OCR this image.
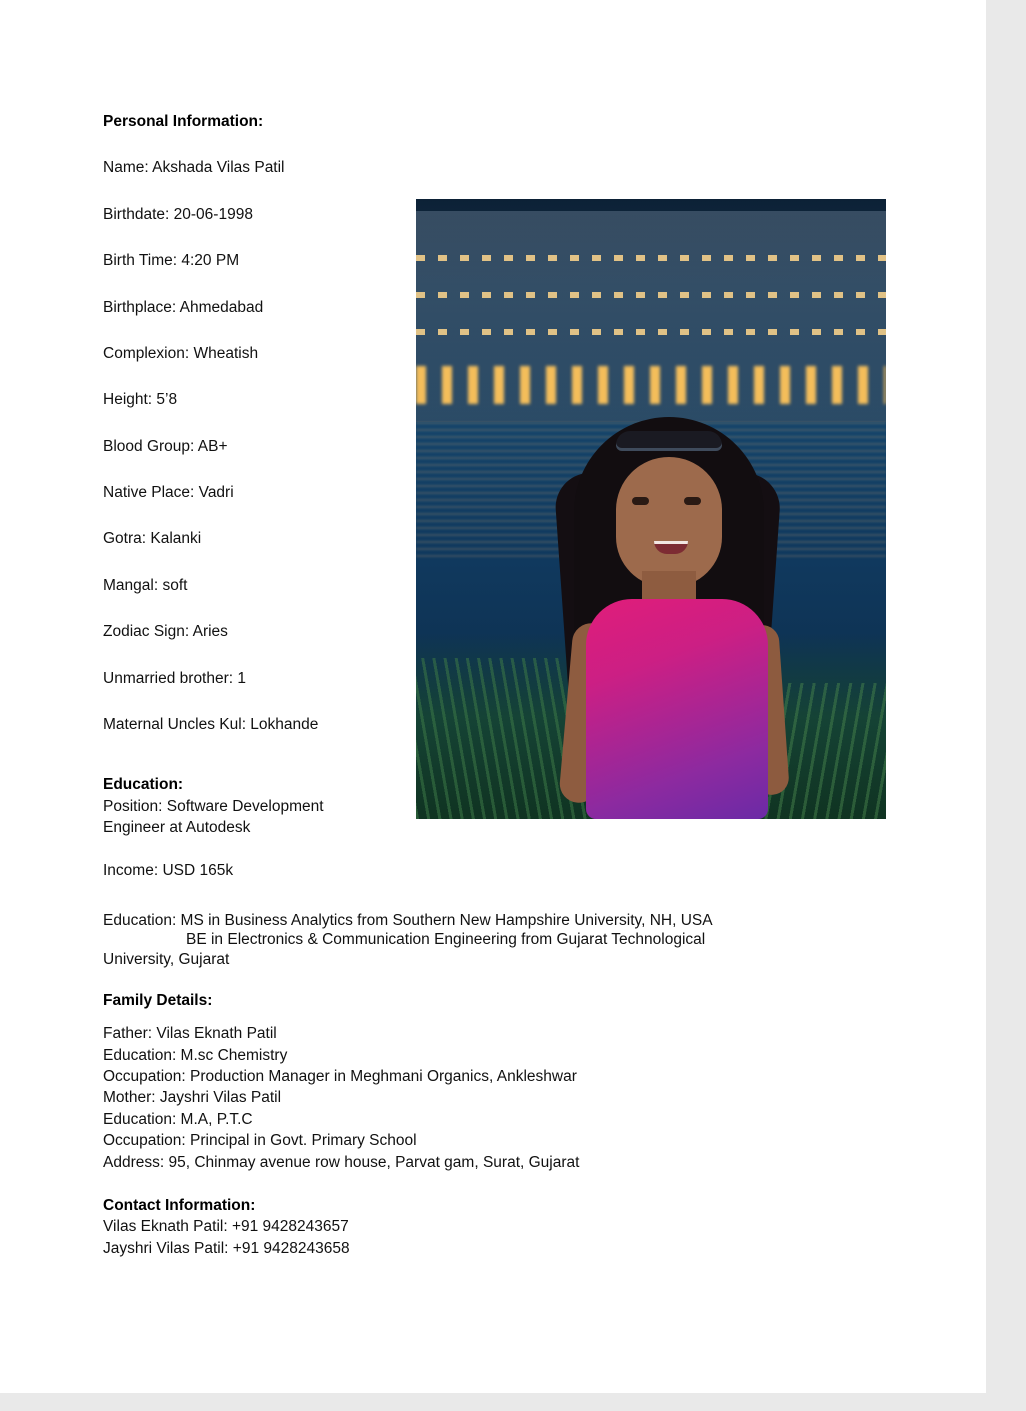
Personal Information:
Name: Akshada Vilas Patil
Birthdate: 20-06-1998
Birth Time: 4:20 PM
Birthplace: Ahmedabad
Complexion: Wheatish
Height: 5’8
Blood Group: AB+
Native Place: Vadri
Gotra: Kalanki
Mangal: soft
Zodiac Sign: Aries
Unmarried brother: 1
Maternal Uncles Kul: Lokhande
Education:
Position: Software Development
Engineer at Autodesk
Income: USD 165k
Education: MS in Business Analytics from Southern New Hampshire University, NH, USA
BE in Electronics & Communication Engineering from Gujarat Technological
University, Gujarat
Family Details:
Father: Vilas Eknath Patil
Education: M.sc Chemistry
Occupation: Production Manager in Meghmani Organics, Ankleshwar
Mother: Jayshri Vilas Patil
Education: M.A, P.T.C
Occupation: Principal in Govt. Primary School
Address: 95, Chinmay avenue row house, Parvat gam, Surat, Gujarat
Contact Information:
Vilas Eknath Patil: +91 9428243657
Jayshri Vilas Patil: +91 9428243658
